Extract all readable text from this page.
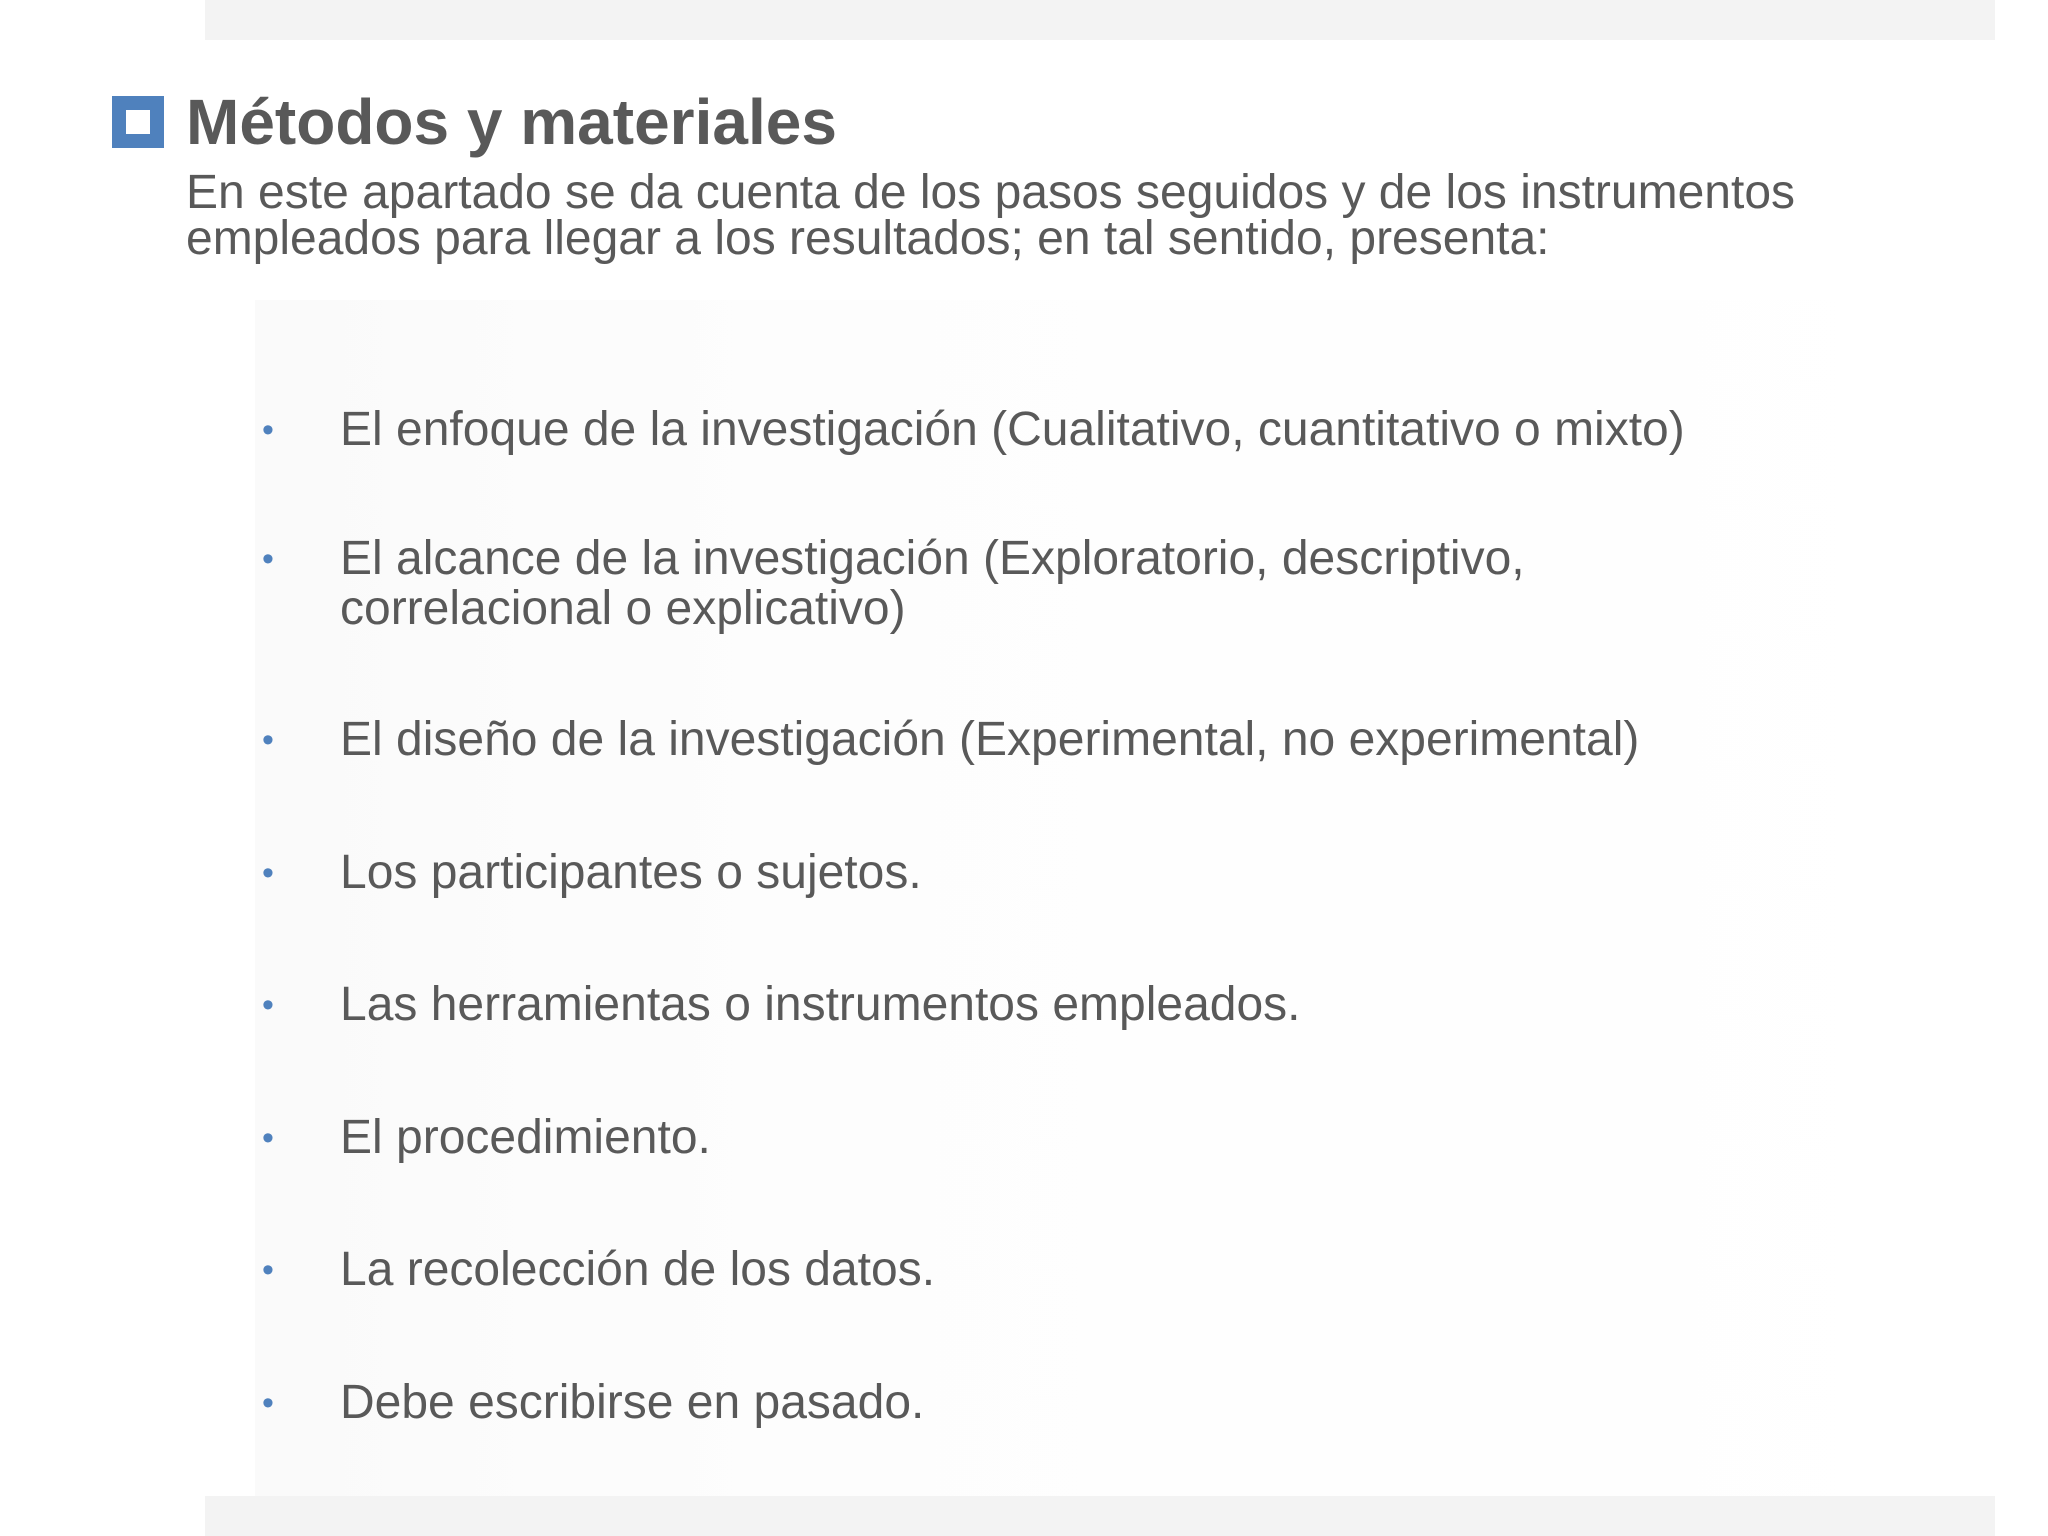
Métodos y materiales
En este apartado se da cuenta de los pasos seguidos y de los instrumentos empleados para llegar a los resultados; en tal sentido, presenta:
•	El enfoque de la investigación (Cualitativo, cuantitativo o mixto)
•	El alcance de la investigación (Exploratorio, descriptivo,
correlacional o explicativo)
•	El diseño de la investigación (Experimental, no experimental)
•	Los participantes o sujetos.
•	Las herramientas o instrumentos empleados.
•	El procedimiento.
•	La recolección de los datos.
•	Debe escribirse en pasado.
